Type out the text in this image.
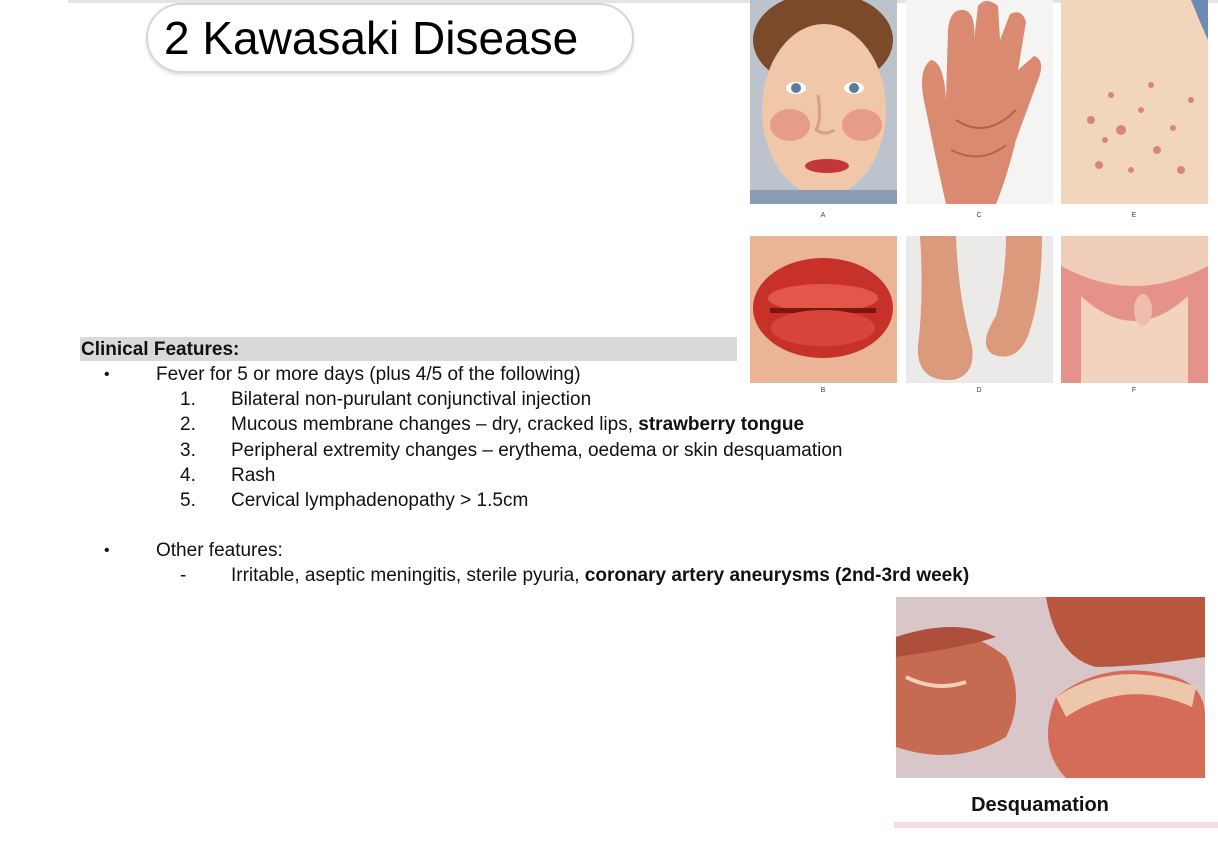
2 Kawasaki Disease
A	C	E
B	D	F
Clinical Features:
• Fever for 5 or more days (plus 4/5 of the following)
1. Bilateral non-purulant conjunctival injection
2. Mucous membrane changes – dry, cracked lips, strawberry tongue
3. Peripheral extremity changes – erythema, oedema or skin desquamation
4. Rash
5. Cervical lymphadenopathy > 1.5cm
• Other features:
- Irritable, aseptic meningitis, sterile pyuria, coronary artery aneurysms (2nd-3rd week)
Desquamation
